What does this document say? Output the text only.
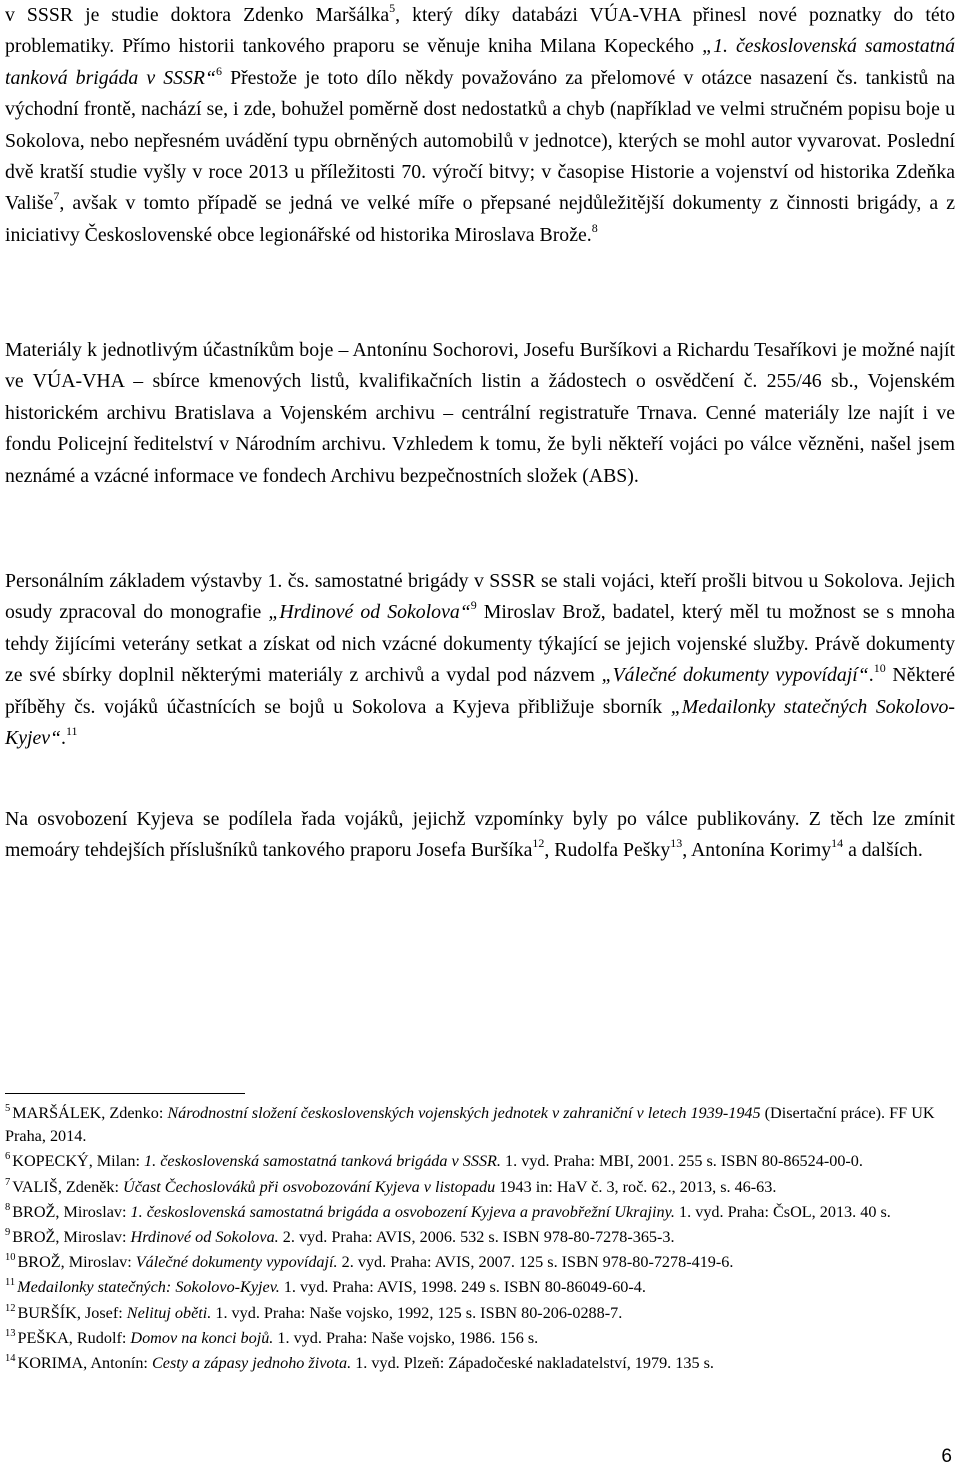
v SSSR je studie doktora Zdenko Maršálka$^5$, který díky databázi VÚA-VHA přinesl nové poznatky do této problematiky. Přímo historii tankového praporu se věnuje kniha Milana Kopeckého „1. československá samostatná tanková brigáda v SSSR“$^6$ Přestože je toto dílo někdy považováno za přelomové v otázce nasazení čs. tankistů na východní frontě, nachází se, i zde, bohužel poměrně dost nedostatků a chyb (například ve velmi stručném popisu boje u Sokolova, nebo nepřesném uvádění typu obrněných automobilů v jednotce), kterých se mohl autor vyvarovat. Poslední dvě kratší studie vyšly v roce 2013 u příležitosti 70. výročí bitvy; v časopise Historie a vojenství od historika Zdeňka Vališe$^7$, avšak v tomto případě se jedná ve velké míře o přepsané nejdůležitější dokumenty z činnosti brigády, a z iniciativy Československé obce legionářské od historika Miroslava Brože.$^8$

Materiály k jednotlivým účastníkům boje – Antonínu Sochorovi, Josefu Buršíkovi a Richardu Tesaříkovi je možné najít ve VÚA-VHA – sbírce kmenových listů, kvalifikačních listin a žádostech o osvědčení č. 255/46 sb., Vojenském historickém archivu Bratislava a Vojenském archivu – centrální registratuře Trnava. Cenné materiály lze najít i ve fondu Policejní ředitelství v Národním archivu. Vzhledem k tomu, že byli někteří vojáci po válce vězněni, našel jsem neznámé a vzácné informace ve fondech Archivu bezpečnostních složek (ABS).

Personálním základem výstavby 1. čs. samostatné brigády v SSSR se stali vojáci, kteří prošli bitvou u Sokolova. Jejich osudy zpracoval do monografie „Hrdinové od Sokolova“$^9$ Miroslav Brož, badatel, který měl tu možnost se s mnoha tehdy žijícími veterány setkat a získat od nich vzácné dokumenty týkající se jejich vojenské služby. Právě dokumenty ze své sbírky doplnil některými materiály z archivů a vydal pod názvem „Válečné dokumenty vypovídají“.$^{10}$ Některé příběhy čs. vojáků účastnících se bojů u Sokolova a Kyjeva přibližuje sborník „Medailonky statečných Sokolovo-Kyjev“.$^{11}$

Na osvobození Kyjeva se podílela řada vojáků, jejichž vzpomínky byly po válce publikovány. Z těch lze zmínit memoáry tehdejších příslušníků tankového praporu Josefa Buršíka$^{12}$, Rudolfa Pešky$^{13}$, Antonína Korimy$^{14}$ a dalších.

$^5$ MARŠÁLEK, Zdenko: Národnostní složení československých vojenských jednotek v zahraniční v letech 1939-1945 (Disertační práce). FF UK Praha, 2014.

$^6$ KOPECKÝ, Milan: 1. československá samostatná tanková brigáda v SSSR. 1. vyd. Praha: MBI, 2001. 255 s. ISBN 80-86524-00-0.

$^7$ VALIŠ, Zdeněk: Účast Čechoslováků při osvobozování Kyjeva v listopadu 1943 in: HaV č. 3, roč. 62., 2013, s. 46-63.

$^8$ BROŽ, Miroslav: 1. československá samostatná brigáda a osvobození Kyjeva a pravobřežní Ukrajiny. 1. vyd. Praha: ČsOL, 2013. 40 s.

$^9$ BROŽ, Miroslav: Hrdinové od Sokolova. 2. vyd. Praha: AVIS, 2006. 532 s. ISBN 978-80-7278-365-3.

$^{10}$ BROŽ, Miroslav: Válečné dokumenty vypovídají. 2. vyd. Praha: AVIS, 2007. 125 s. ISBN 978-80-7278-419-6.

$^{11}$ Medailonky statečných: Sokolovo-Kyjev. 1. vyd. Praha: AVIS, 1998. 249 s. ISBN 80-86049-60-4.

$^{12}$ BURŠÍK, Josef: Nelituj oběti. 1. vyd. Praha: Naše vojsko, 1992, 125 s. ISBN 80-206-0288-7.

$^{13}$ PEŠKA, Rudolf: Domov na konci bojů. 1. vyd. Praha: Naše vojsko, 1986. 156 s.

$^{14}$ KORIMA, Antonín: Cesty a zápasy jednoho života. 1. vyd. Plzeň: Západočeské nakladatelství, 1979. 135 s.

6
